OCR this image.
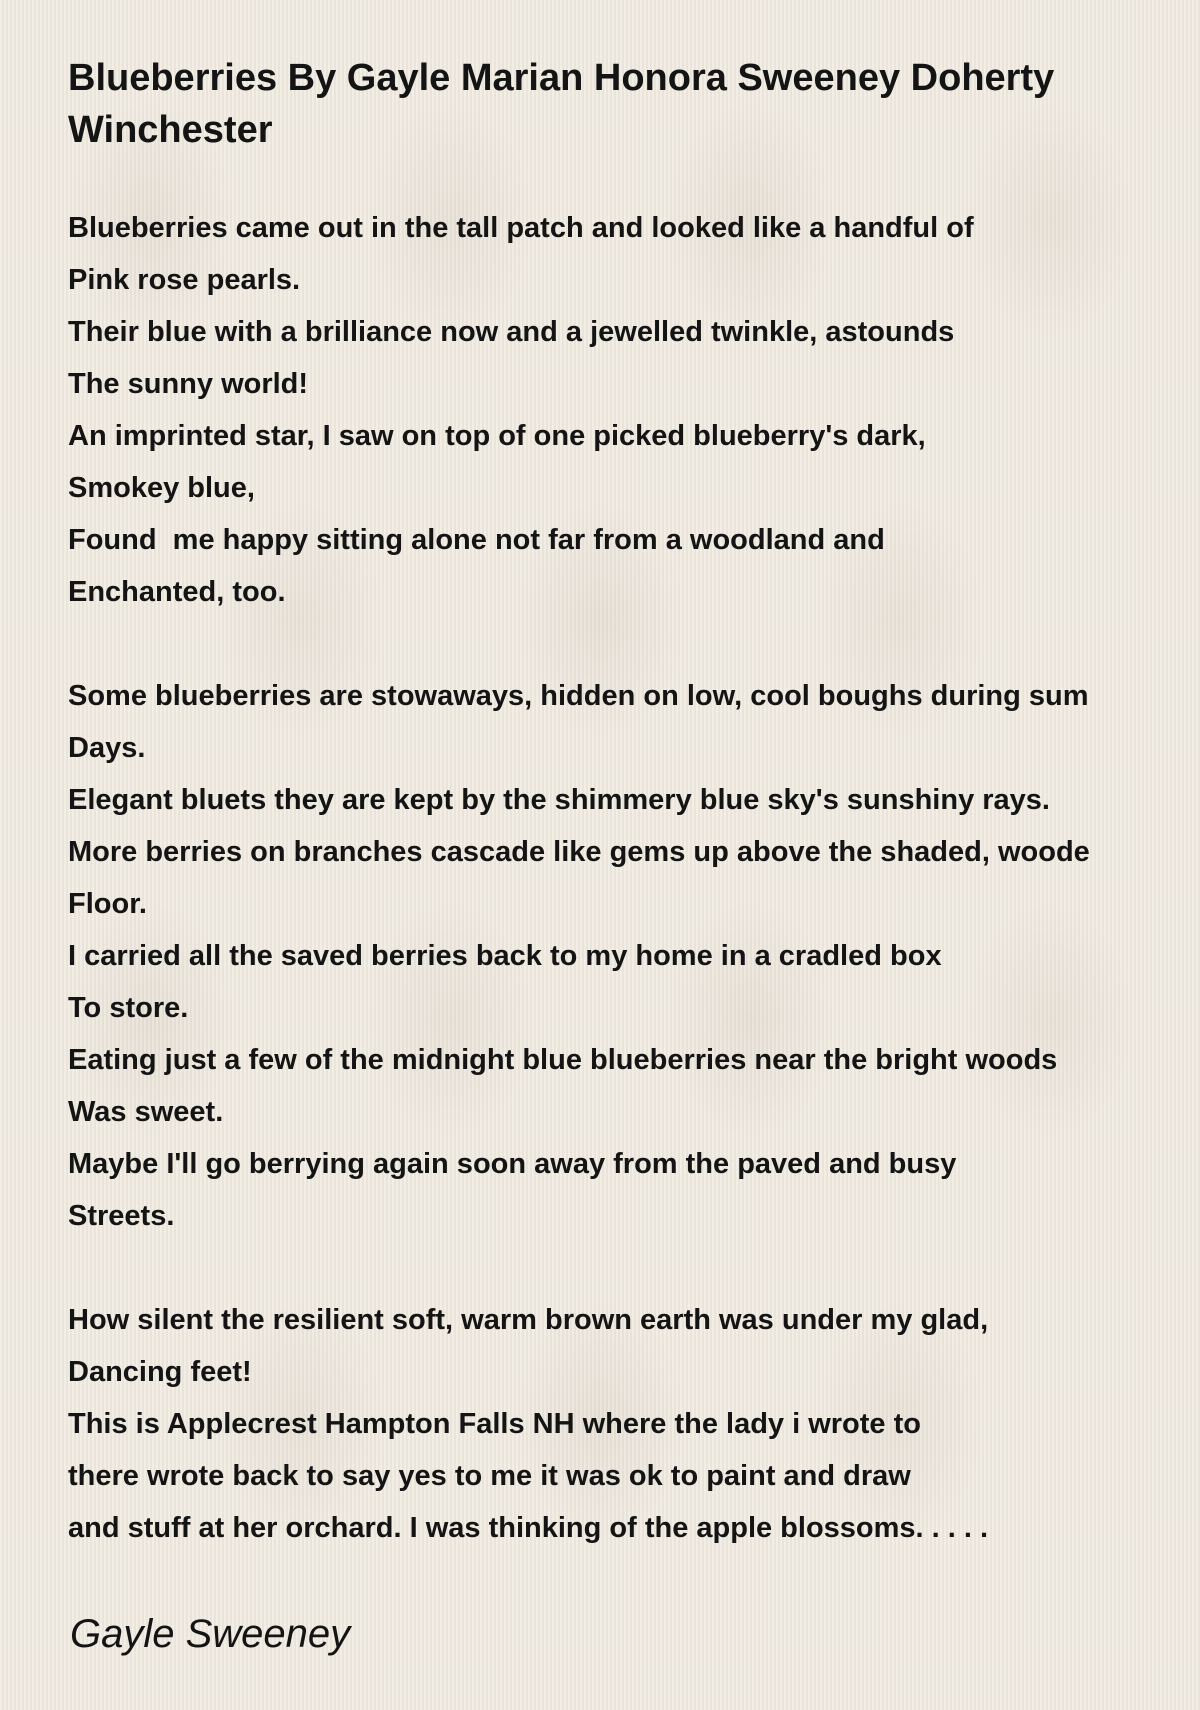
Blueberries By Gayle Marian Honora Sweeney Doherty Winchester
Blueberries came out in the tall patch and looked like a handful of
Pink rose pearls.
Their blue with a brilliance now and a jewelled twinkle, astounds
The sunny world!
An imprinted star, I saw on top of one picked blueberry's dark,
Smokey blue,
Found  me happy sitting alone not far from a woodland and
Enchanted, too.
Some blueberries are stowaways, hidden on low, cool boughs during sum
Days.
Elegant bluets they are kept by the shimmery blue sky's sunshiny rays.
More berries on branches cascade like gems up above the shaded, woode
Floor.
I carried all the saved berries back to my home in a cradled box
To store.
Eating just a few of the midnight blue blueberries near the bright woods
Was sweet.
Maybe I'll go berrying again soon away from the paved and busy
Streets.
How silent the resilient soft, warm brown earth was under my glad,
Dancing feet!
This is Applecrest Hampton Falls NH where the lady i wrote to
there wrote back to say yes to me it was ok to paint and draw
and stuff at her orchard. I was thinking of the apple blossoms. . . . .

Gayle Sweeney
